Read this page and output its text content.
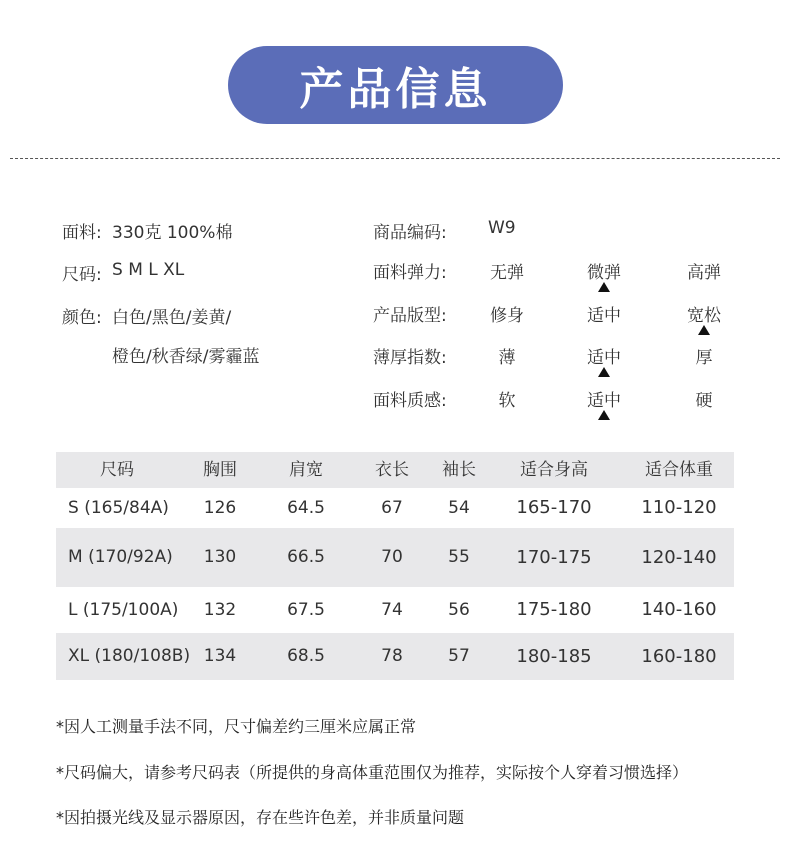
产品信息
面料: 330克 100%棉
尺码: S M L XL
颜色: 白色/黑色/姜黄/
橙色/秋香绿/雾霾蓝
商品编码: W9
面料弹力:	无弹	微弹	高弹
产品版型:	修身	适中	宽松
薄厚指数:	薄	适中	厚
面料质感:	软	适中	硬
尺码	胸围	肩宽	衣长	袖长	适合身高	适合体重
S (165/84A)	126	64.5	67	54	165-170	110-120
M (170/92A)	130	66.5	70	55	170-175	120-140
L (175/100A)	132	67.5	74	56	175-180	140-160
XL (180/108B) 134	68.5	78	57	180-185	160-180
*因人工测量手法不同，尺寸偏差约三厘米应属正常
*尺码偏大，请参考尺码表（所提供的身高体重范围仅为推荐，实际按个人穿着习惯选择）
*因拍摄光线及显示器原因，存在些许色差，并非质量问题
